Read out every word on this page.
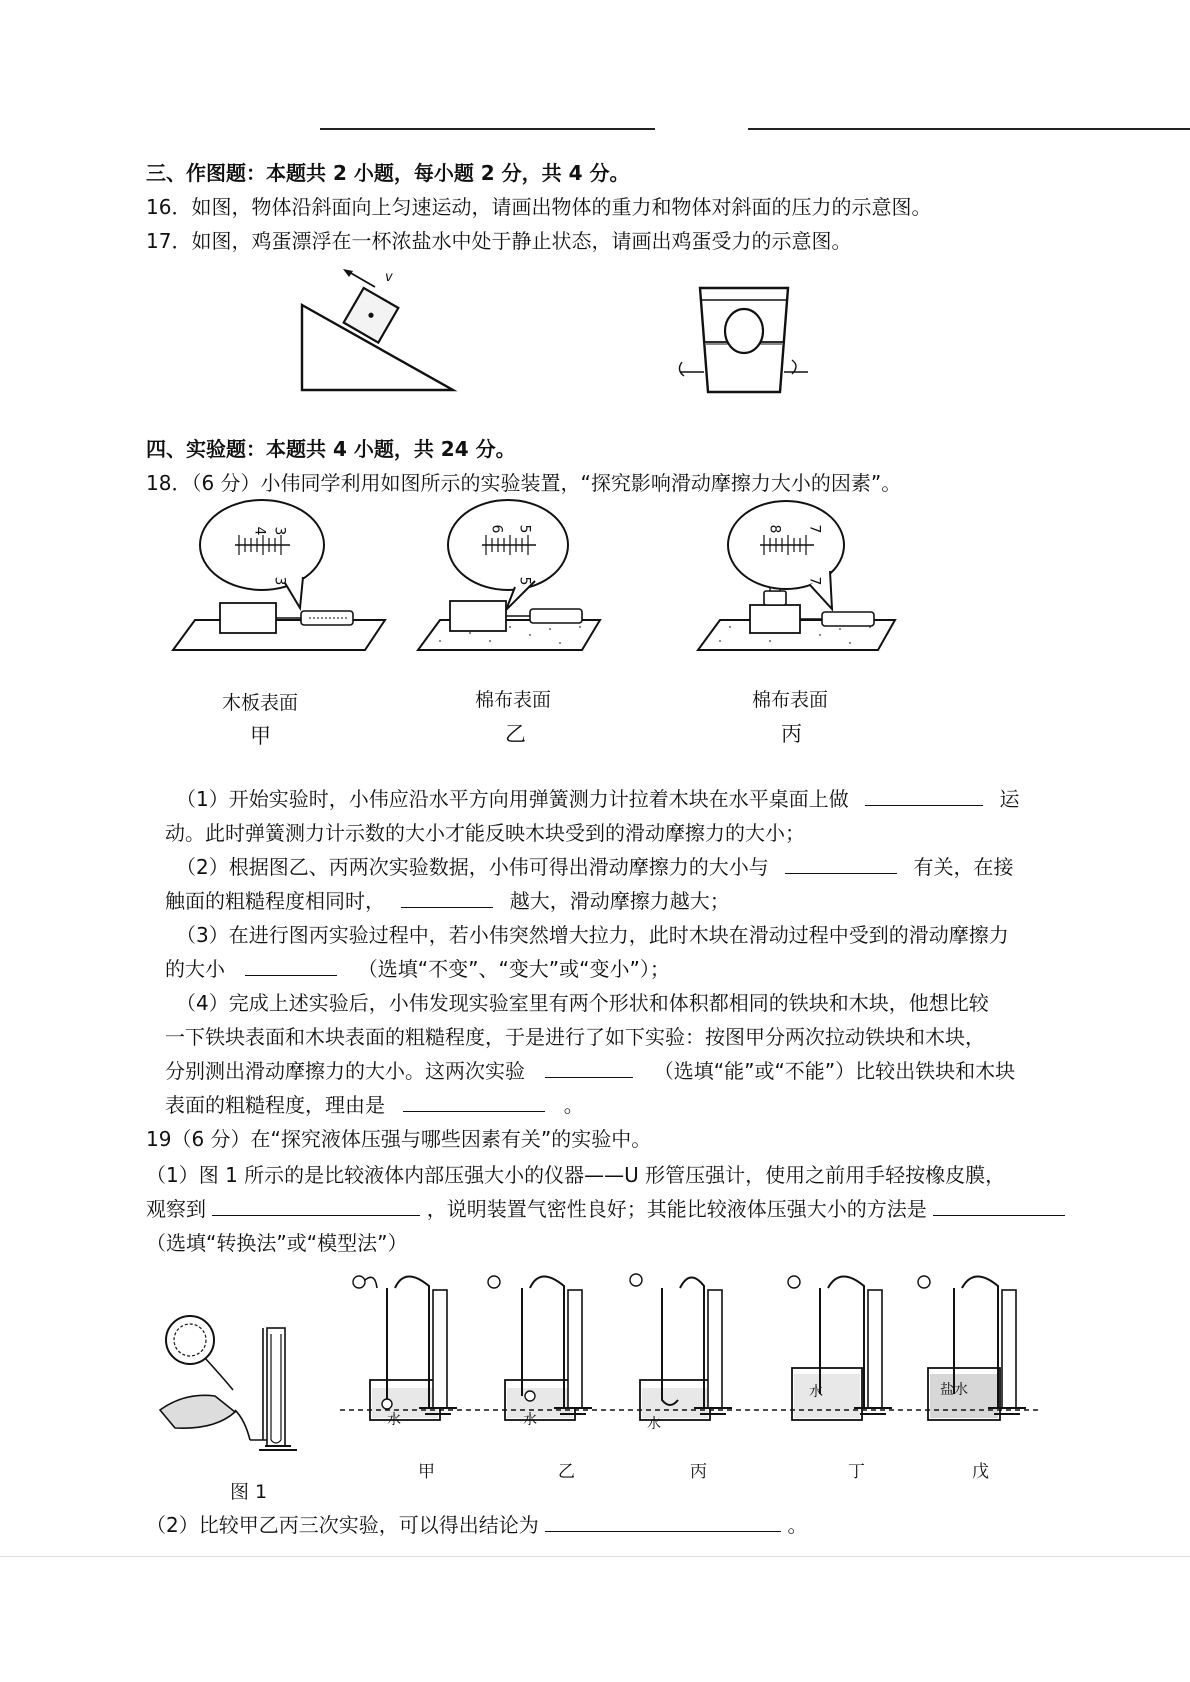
三、作图题：本题共 2 小题，每小题 2 分，共 4 分。
16．如图，物体沿斜面向上匀速运动，请画出物体的重力和物体对斜面的压力的示意图。
17．如图，鸡蛋漂浮在一杯浓盐水中处于静止状态，请画出鸡蛋受力的示意图。
v
四、实验题：本题共 4 小题，共 24 分。
18．（6 分）小伟同学利用如图所示的实验装置，“探究影响滑动摩擦力大小的因素”。
3
4
3
5
6
5
7
8
7
木板表面
甲
棉布表面
乙
棉布表面
丙
（1）开始实验时，小伟应沿水平方向用弹簧测力计拉着木块在水平桌面上做	运
动。此时弹簧测力计示数的大小才能反映木块受到的滑动摩擦力的大小；
（2）根据图乙、丙两次实验数据，小伟可得出滑动摩擦力的大小与	有关，在接
触面的粗糙程度相同时，	越大，滑动摩擦力越大；
（3）在进行图丙实验过程中，若小伟突然增大拉力，此时木块在滑动过程中受到的滑动摩擦力
的大小	（选填“不变”、“变大”或“变小”）；
（4）完成上述实验后，小伟发现实验室里有两个形状和体积都相同的铁块和木块，他想比较
一下铁块表面和木块表面的粗糙程度，于是进行了如下实验：按图甲分两次拉动铁块和木块，
分别测出滑动摩擦力的大小。这两次实验	（选填“能”或“不能”）比较出铁块和木块
表面的粗糙程度，理由是	。
19（6 分）在“探究液体压强与哪些因素有关”的实验中。
（1）图 1 所示的是比较液体内部压强大小的仪器——U 形管压强计，使用之前用手轻按橡皮膜，
观察到	，说明装置气密性良好；其能比较液体压强大小的方法是
（选填“转换法”或“模型法”）
图 1
水	水	水
水	盐水
甲	乙	丙	丁	戊
（2）比较甲乙丙三次实验，可以得出结论为	。
